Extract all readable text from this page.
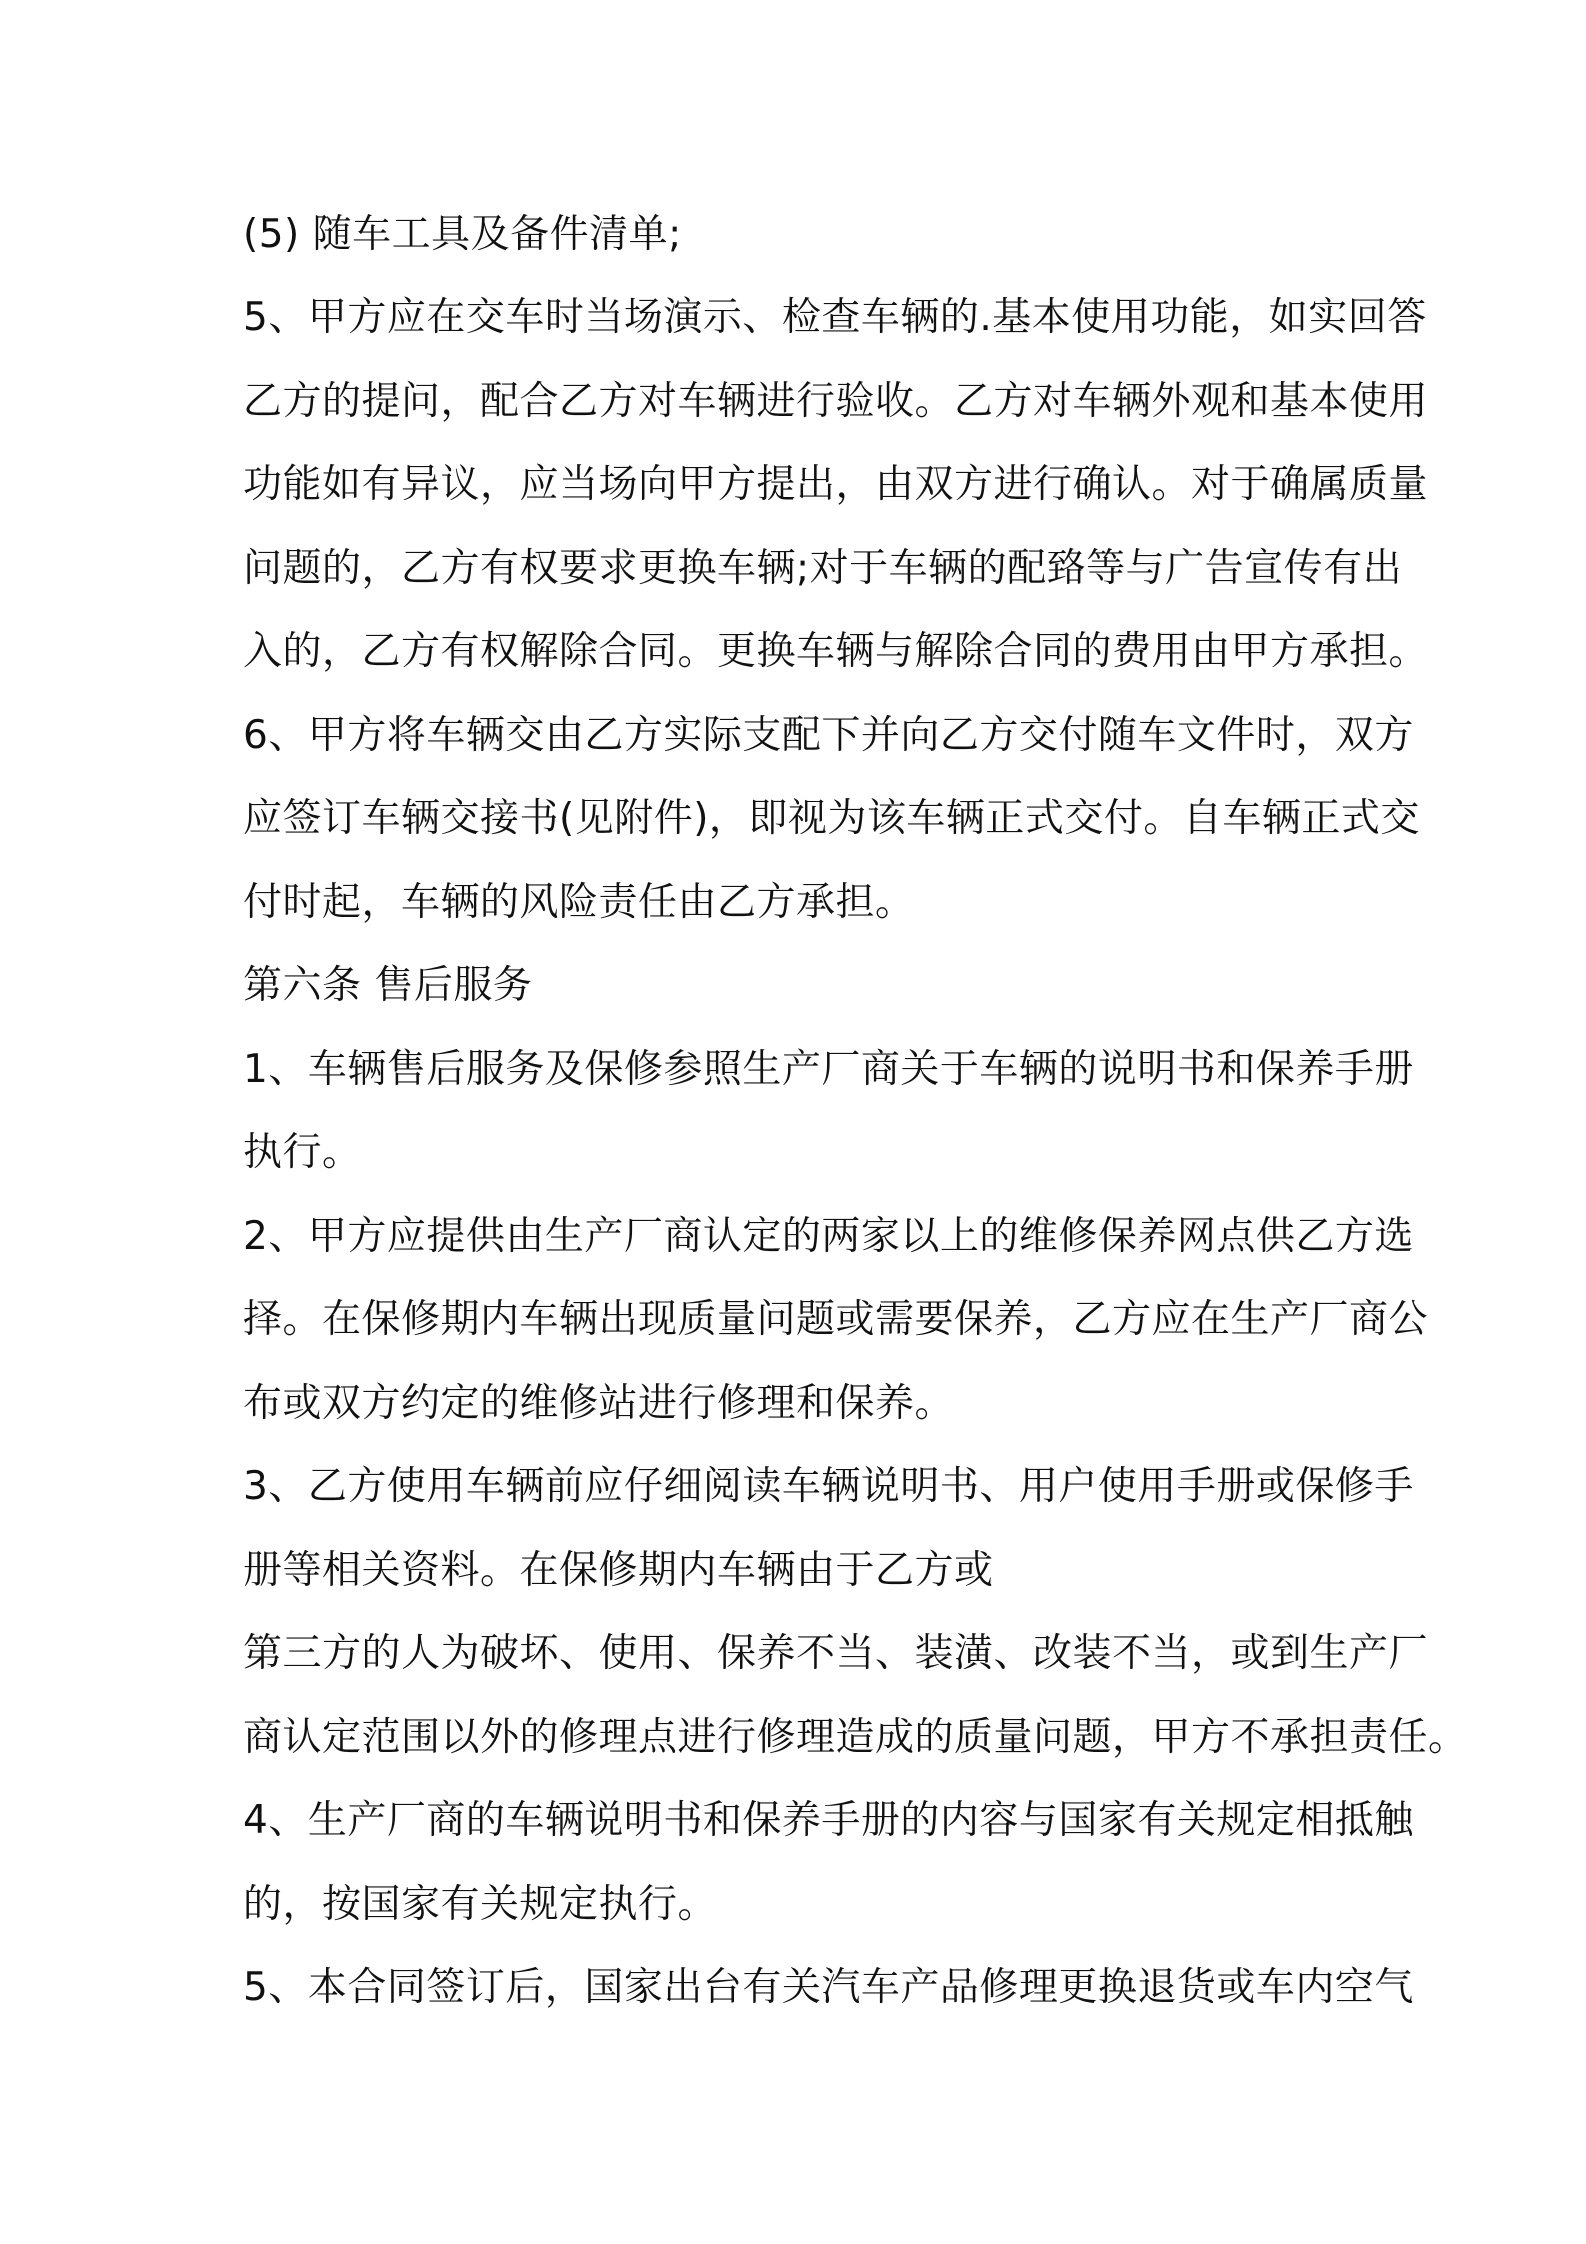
(5) 随车工具及备件清单;
5、甲方应在交车时当场演示、检查车辆的.基本使用功能，如实回答
乙方的提问，配合乙方对车辆进行验收。乙方对车辆外观和基本使用
功能如有异议，应当场向甲方提出，由双方进行确认。对于确属质量
问题的，乙方有权要求更换车辆;对于车辆的配臵等与广告宣传有出
入的，乙方有权解除合同。更换车辆与解除合同的费用由甲方承担。
6、甲方将车辆交由乙方实际支配下并向乙方交付随车文件时，双方
应签订车辆交接书(见附件)，即视为该车辆正式交付。自车辆正式交
付时起，车辆的风险责任由乙方承担。
第六条 售后服务
1、车辆售后服务及保修参照生产厂商关于车辆的说明书和保养手册
执行。
2、甲方应提供由生产厂商认定的两家以上的维修保养网点供乙方选
择。在保修期内车辆出现质量问题或需要保养，乙方应在生产厂商公
布或双方约定的维修站进行修理和保养。
3、乙方使用车辆前应仔细阅读车辆说明书、用户使用手册或保修手
册等相关资料。在保修期内车辆由于乙方或
第三方的人为破坏、使用、保养不当、装潢、改装不当，或到生产厂
商认定范围以外的修理点进行修理造成的质量问题，甲方不承担责任。
4、生产厂商的车辆说明书和保养手册的内容与国家有关规定相抵触
的，按国家有关规定执行。
5、本合同签订后，国家出台有关汽车产品修理更换退货或车内空气
